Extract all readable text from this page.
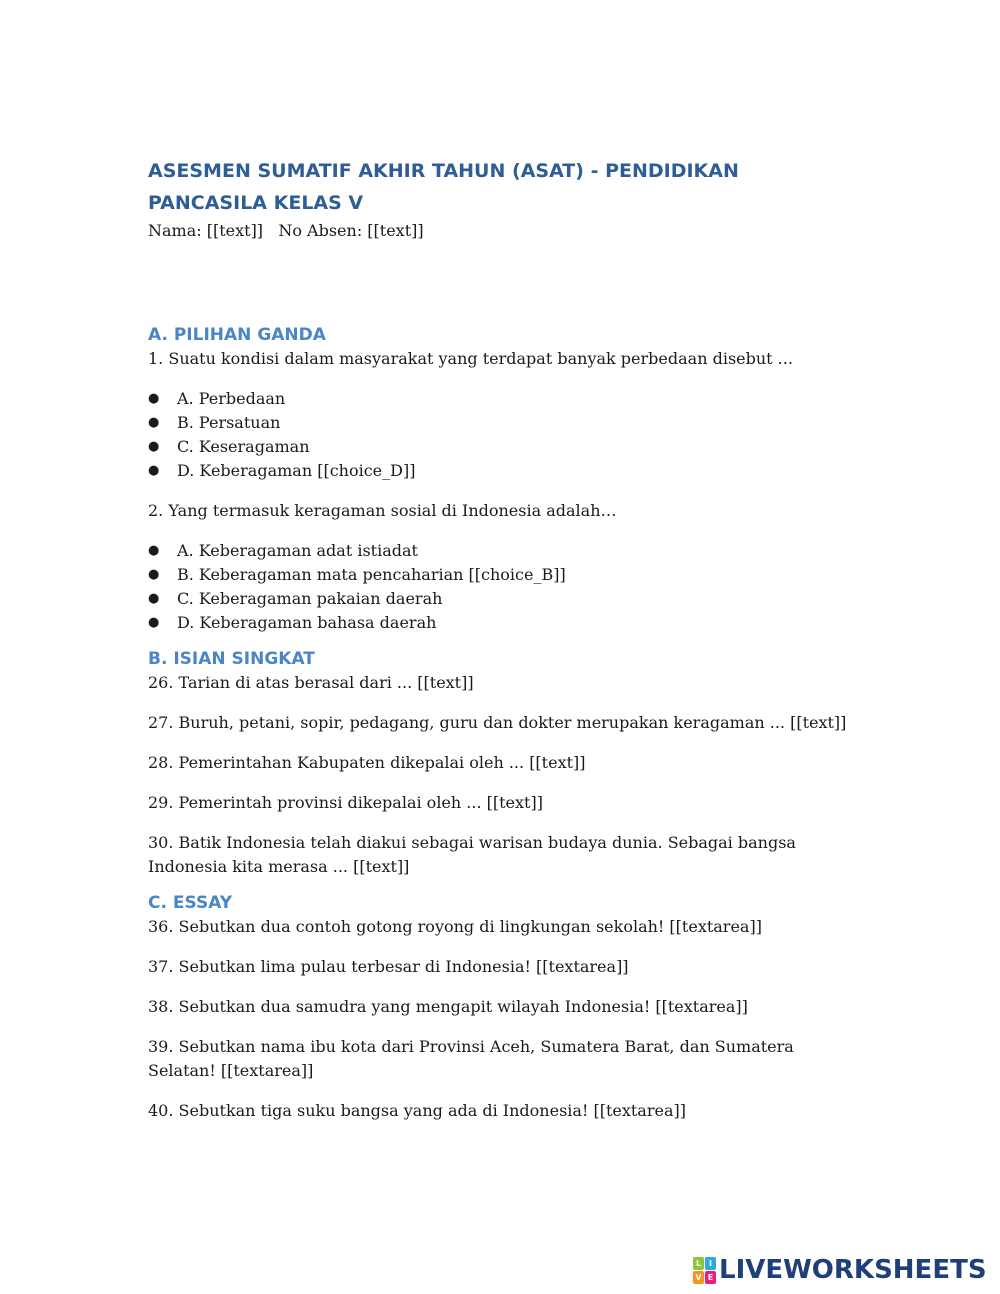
ASESMEN SUMATIF AKHIR TAHUN (ASAT) - PENDIDIKAN PANCASILA KELAS V
Nama: [[text]] No Absen: [[text]]
A. PILIHAN GANDA
1. Suatu kondisi dalam masyarakat yang terdapat banyak perbedaan disebut ...
● A. Perbedaan
● B. Persatuan
● C. Keseragaman
● D. Keberagaman [[choice_D]]
2. Yang termasuk keragaman sosial di Indonesia adalah…
● A. Keberagaman adat istiadat
● B. Keberagaman mata pencaharian [[choice_B]]
● C. Keberagaman pakaian daerah
● D. Keberagaman bahasa daerah
B. ISIAN SINGKAT
26. Tarian di atas berasal dari ... [[text]]
27. Buruh, petani, sopir, pedagang, guru dan dokter merupakan keragaman ... [[text]]
28. Pemerintahan Kabupaten dikepalai oleh ... [[text]]
29. Pemerintah provinsi dikepalai oleh ... [[text]]
30. Batik Indonesia telah diakui sebagai warisan budaya dunia. Sebagai bangsa Indonesia kita merasa ... [[text]]
C. ESSAY
36. Sebutkan dua contoh gotong royong di lingkungan sekolah! [[textarea]]
37. Sebutkan lima pulau terbesar di Indonesia! [[textarea]]
38. Sebutkan dua samudra yang mengapit wilayah Indonesia! [[textarea]]
39. Sebutkan nama ibu kota dari Provinsi Aceh, Sumatera Barat, dan Sumatera Selatan! [[textarea]]
40. Sebutkan tiga suku bangsa yang ada di Indonesia! [[textarea]]
L I
V E LIVEWORKSHEETS
